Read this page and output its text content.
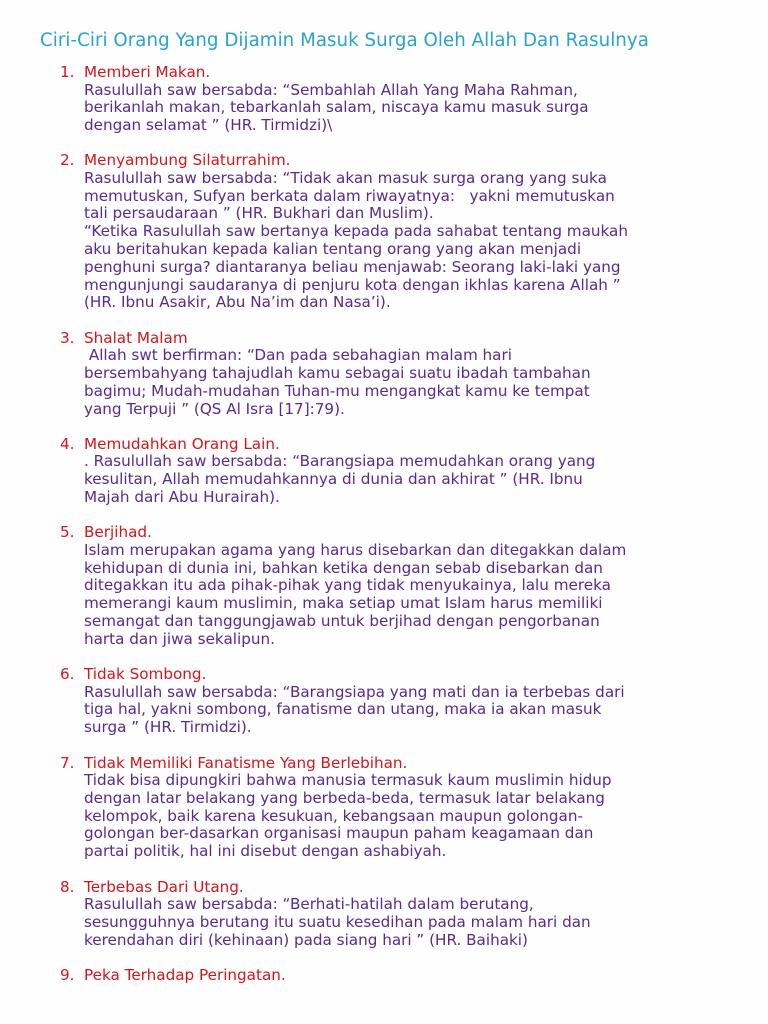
Ciri-Ciri Orang Yang Dijamin Masuk Surga Oleh Allah Dan Rasulnya
1. Memberi Makan.
Rasulullah saw bersabda: “Sembahlah Allah Yang Maha Rahman,
berikanlah makan, tebarkanlah salam, niscaya kamu masuk surga
dengan selamat ” (HR. Tirmidzi)\
2. Menyambung Silaturrahim.
Rasulullah saw bersabda: “Tidak akan masuk surga orang yang suka
memutuskan, Sufyan berkata dalam riwayatnya:   yakni memutuskan
tali persaudaraan ” (HR. Bukhari dan Muslim).
“Ketika Rasulullah saw bertanya kepada pada sahabat tentang maukah
aku beritahukan kepada kalian tentang orang yang akan menjadi
penghuni surga? diantaranya beliau menjawab: Seorang laki-laki yang
mengunjungi saudaranya di penjuru kota dengan ikhlas karena Allah ”
(HR. Ibnu Asakir, Abu Na’im dan Nasa’i).
3. Shalat Malam
Allah swt berfirman: “Dan pada sebahagian malam hari
bersembahyang tahajudlah kamu sebagai suatu ibadah tambahan
bagimu; Mudah-mudahan Tuhan-mu mengangkat kamu ke tempat
yang Terpuji ” (QS Al Isra [17]:79).
4. Memudahkan Orang Lain.
. Rasulullah saw bersabda: “Barangsiapa memudahkan orang yang
kesulitan, Allah memudahkannya di dunia dan akhirat ” (HR. Ibnu
Majah dari Abu Hurairah).
5. Berjihad.
Islam merupakan agama yang harus disebarkan dan ditegakkan dalam
kehidupan di dunia ini, bahkan ketika dengan sebab disebarkan dan
ditegakkan itu ada pihak-pihak yang tidak menyukainya, lalu mereka
memerangi kaum muslimin, maka setiap umat Islam harus memiliki
semangat dan tanggungjawab untuk berjihad dengan pengorbanan
harta dan jiwa sekalipun.
6. Tidak Sombong.
Rasulullah saw bersabda: “Barangsiapa yang mati dan ia terbebas dari
tiga hal, yakni sombong, fanatisme dan utang, maka ia akan masuk
surga ” (HR. Tirmidzi).
7. Tidak Memiliki Fanatisme Yang Berlebihan.
Tidak bisa dipungkiri bahwa manusia termasuk kaum muslimin hidup
dengan latar belakang yang berbeda-beda, termasuk latar belakang
kelompok, baik karena kesukuan, kebangsaan maupun golongan-
golongan ber-dasarkan organisasi maupun paham keagamaan dan
partai politik, hal ini disebut dengan ashabiyah.
8. Terbebas Dari Utang.
Rasulullah saw bersabda: “Berhati-hatilah dalam berutang,
sesungguhnya berutang itu suatu kesedihan pada malam hari dan
kerendahan diri (kehinaan) pada siang hari ” (HR. Baihaki)
9. Peka Terhadap Peringatan.
